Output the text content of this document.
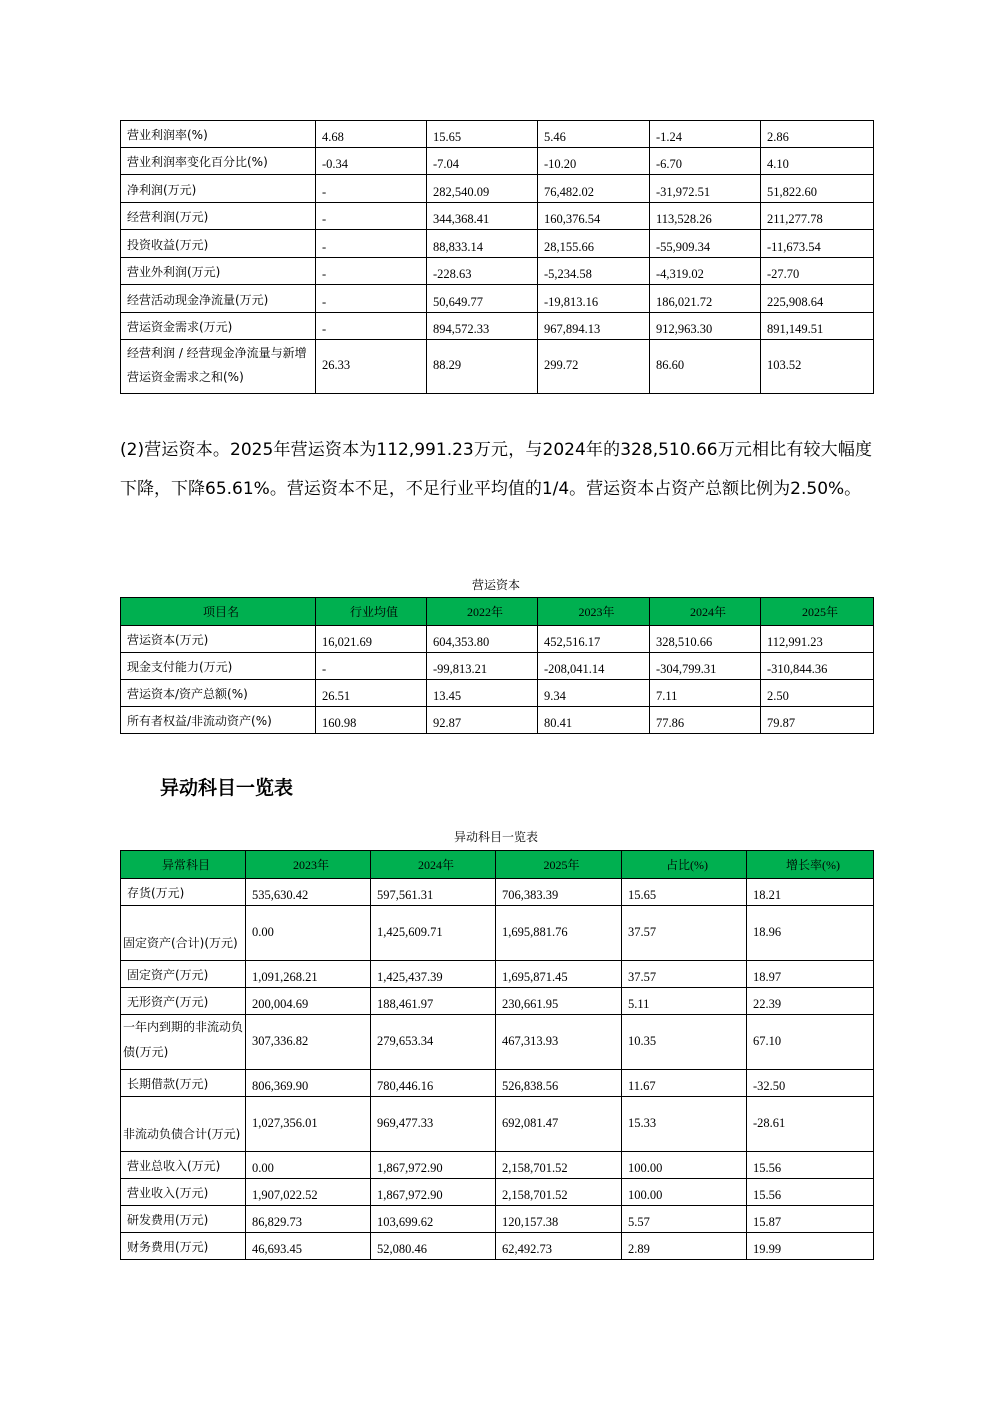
营业利润率(%)	4.68	15.65	5.46	-1.24	2.86
营业利润率变化百分比(%)	-0.34	-7.04	-10.20	-6.70	4.10
净利润(万元)	-	282,540.09	76,482.02	-31,972.51	51,822.60
经营利润(万元)	-	344,368.41	160,376.54	113,528.26	211,277.78
投资收益(万元)	-	88,833.14	28,155.66	-55,909.34	-11,673.54
营业外利润(万元)	-	-228.63	-5,234.58	-4,319.02	-27.70
经营活动现金净流量(万元)	-	50,649.77	-19,813.16	186,021.72	225,908.64
营运资金需求(万元)	-	894,572.33	967,894.13	912,963.30	891,149.51
经营利润 / 经营现金净流量与新增营运资金需求之和(%)	26.33	88.29	299.72	86.60	103.52
(2)营运资本。2025年营运资本为112,991.23万元，与2024年的328,510.66万元相比有较大幅度下降，下降65.61%。营运资本不足，不足行业平均值的1/4。营运资本占资产总额比例为2.50%。
营运资本
项目名	行业均值	2022年	2023年	2024年	2025年
营运资本(万元)	16,021.69	604,353.80	452,516.17	328,510.66	112,991.23
现金支付能力(万元)	-	-99,813.21	-208,041.14	-304,799.31	-310,844.36
营运资本/资产总额(%)	26.51	13.45	9.34	7.11	2.50
所有者权益/非流动资产(%)	160.98	92.87	80.41	77.86	79.87
异动科目一览表
异动科目一览表
异常科目	2023年	2024年	2025年	占比(%)	增长率(%)
存货(万元)	535,630.42	597,561.31	706,383.39	15.65	18.21
固定资产(合计)(万元)	0.00	1,425,609.71	1,695,881.76	37.57	18.96
固定资产(万元)	1,091,268.21	1,425,437.39	1,695,871.45	37.57	18.97
无形资产(万元)	200,004.69	188,461.97	230,661.95	5.11	22.39
一年内到期的非流动负债(万元)	307,336.82	279,653.34	467,313.93	10.35	67.10
长期借款(万元)	806,369.90	780,446.16	526,838.56	11.67	-32.50
非流动负债合计(万元)	1,027,356.01	969,477.33	692,081.47	15.33	-28.61
营业总收入(万元)	0.00	1,867,972.90	2,158,701.52	100.00	15.56
营业收入(万元)	1,907,022.52	1,867,972.90	2,158,701.52	100.00	15.56
研发费用(万元)	86,829.73	103,699.62	120,157.38	5.57	15.87
财务费用(万元)	46,693.45	52,080.46	62,492.73	2.89	19.99
